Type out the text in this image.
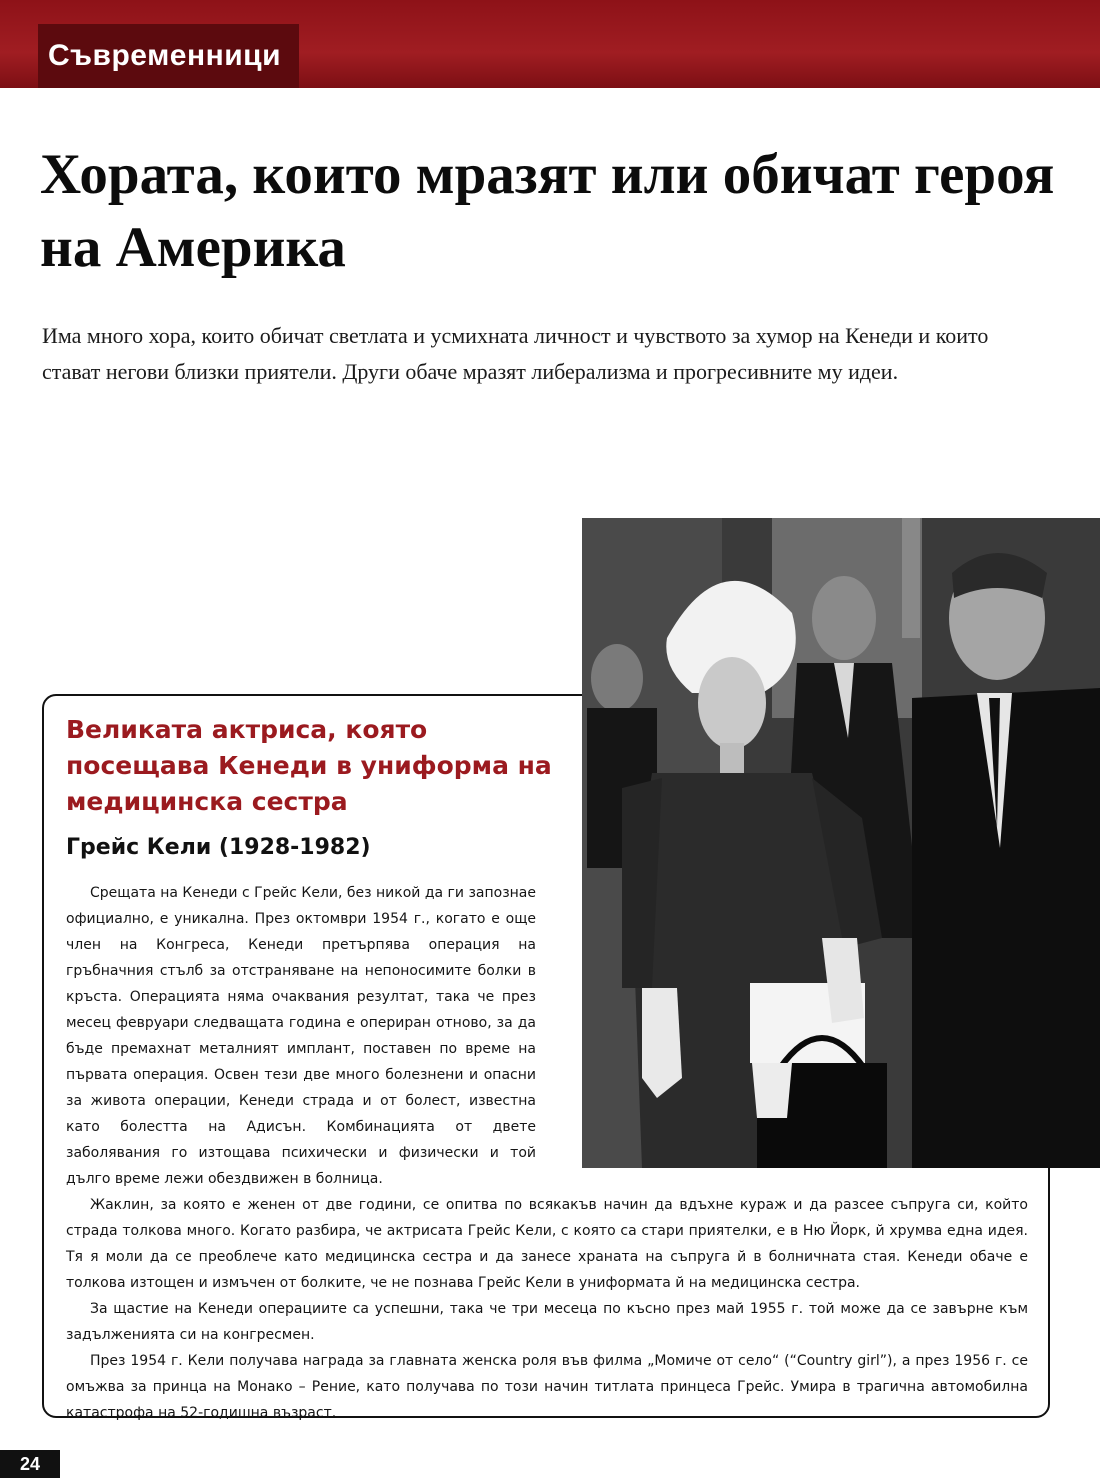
Съвременници
Хората, които мразят или обичат героя на Америка

Има много хора, които обичат светлата и усмихната личност и чувството за хумор на Кенеди и които стават негови близки приятели. Други обаче мразят либерализма и прогресивните му идеи.

Великата актриса, която посещава Кенеди в униформа на медицинска сестра
Грейс Кели (1928-1982)

Срещата на Кенеди с Грейс Кели, без никой да ги запознае официално, е уникална. През октомври 1954 г., когато е още член на Конгреса, Кенеди претърпява операция на гръбначния стълб за отстраняване на непоносимите болки в кръста. Операцията няма очаквания резултат, така че през месец февруари следващата година е опериран отново, за да бъде премахнат металният имплант, поставен по време на първата операция. Освен тези две много болезнени и опасни за живота операции, Кенеди страда и от болест, известна като болестта на Адисън. Комбинацията от двете заболявания го изтощава психически и физически и той дълго време лежи обездвижен в болница.

Жаклин, за която е женен от две години, се опитва по всякакъв начин да вдъхне кураж и да разсее съпруга си, който страда толкова много. Когато разбира, че актрисата Грейс Кели, с която са стари приятелки, е в Ню Йорк, й хрумва една идея. Тя я моли да се преоблече като медицинска сестра и да занесе храната на съпруга й в болничната стая. Кенеди обаче е толкова изтощен и измъчен от болките, че не познава Грейс Кели в униформата й на медицинска сестра.

За щастие на Кенеди операциите са успешни, така че три месеца по късно през май 1955 г. той може да се завърне към задълженията си на конгресмен.

През 1954 г. Кели получава награда за главната женска роля във филма „Момиче от село“ (“Country girl”), а през 1956 г. се омъжва за принца на Монако – Рение, като получава по този начин титлата принцеса Грейс. Умира в трагична автомобилна катастрофа на 52-годишна възраст.

24
